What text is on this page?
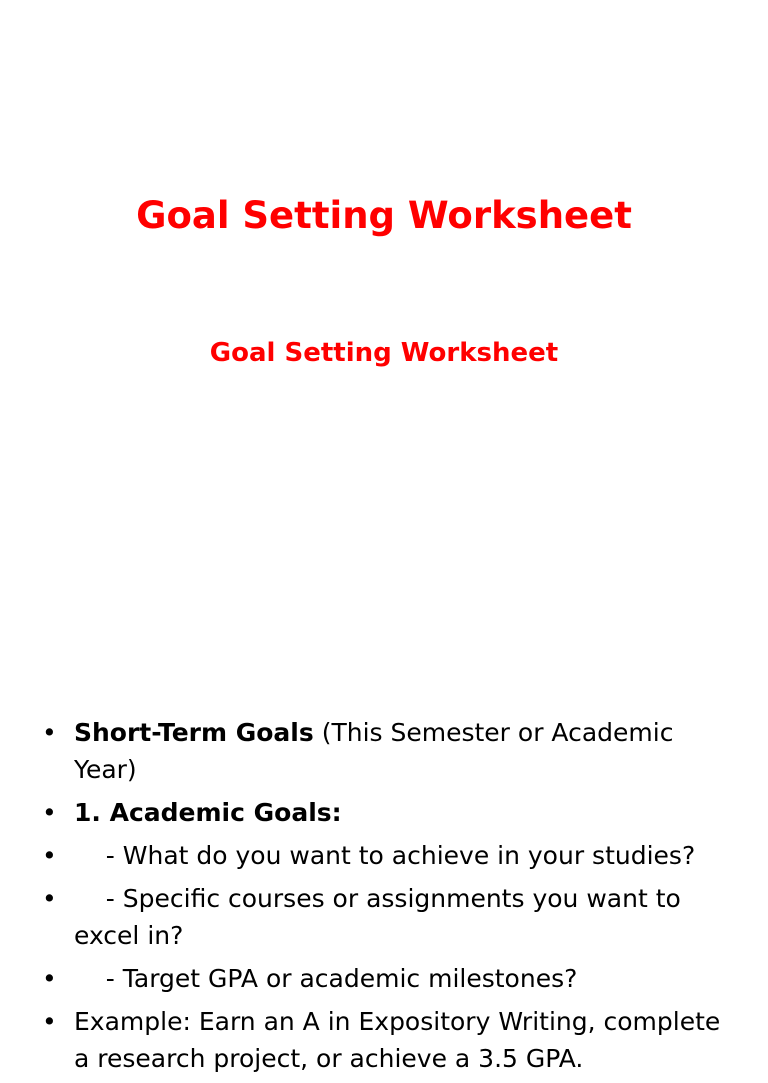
Goal Setting Worksheet
Goal Setting Worksheet
• Short-Term Goals (This Semester or Academic Year)
• 1. Academic Goals:
• - What do you want to achieve in your studies?
• - Specific courses or assignments you want to excel in?
• - Target GPA or academic milestones?
• Example: Earn an A in Expository Writing, complete a research project, or achieve a 3.5 GPA.
